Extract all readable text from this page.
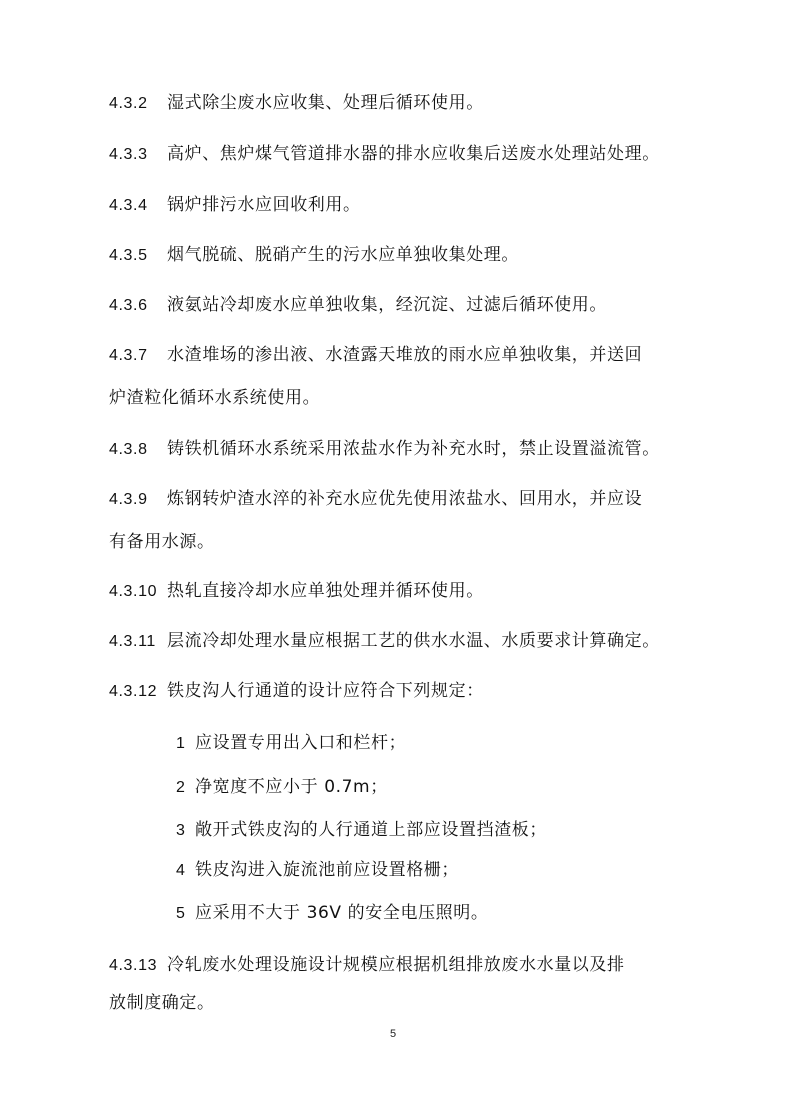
4.3.2 湿式除尘废水应收集、处理后循环使用。
4.3.3 高炉、焦炉煤气管道排水器的排水应收集后送废水处理站处理。
4.3.4 锅炉排污水应回收利用。
4.3.5 烟气脱硫、脱硝产生的污水应单独收集处理。
4.3.6 液氨站冷却废水应单独收集，经沉淀、过滤后循环使用。
4.3.7 水渣堆场的渗出液、水渣露天堆放的雨水应单独收集，并送回
炉渣粒化循环水系统使用。
4.3.8 铸铁机循环水系统采用浓盐水作为补充水时，禁止设置溢流管。
4.3.9 炼钢转炉渣水淬的补充水应优先使用浓盐水、回用水，并应设
有备用水源。
4.3.10 热轧直接冷却水应单独处理并循环使用。
4.3.11 层流冷却处理水量应根据工艺的供水水温、水质要求计算确定。
4.3.12 铁皮沟人行通道的设计应符合下列规定：
1 应设置专用出入口和栏杆；
2 净宽度不应小于 0.7m；
3 敞开式铁皮沟的人行通道上部应设置挡渣板；
4 铁皮沟进入旋流池前应设置格栅；
5 应采用不大于 36V 的安全电压照明。
4.3.13 冷轧废水处理设施设计规模应根据机组排放废水水量以及排
放制度确定。
5
